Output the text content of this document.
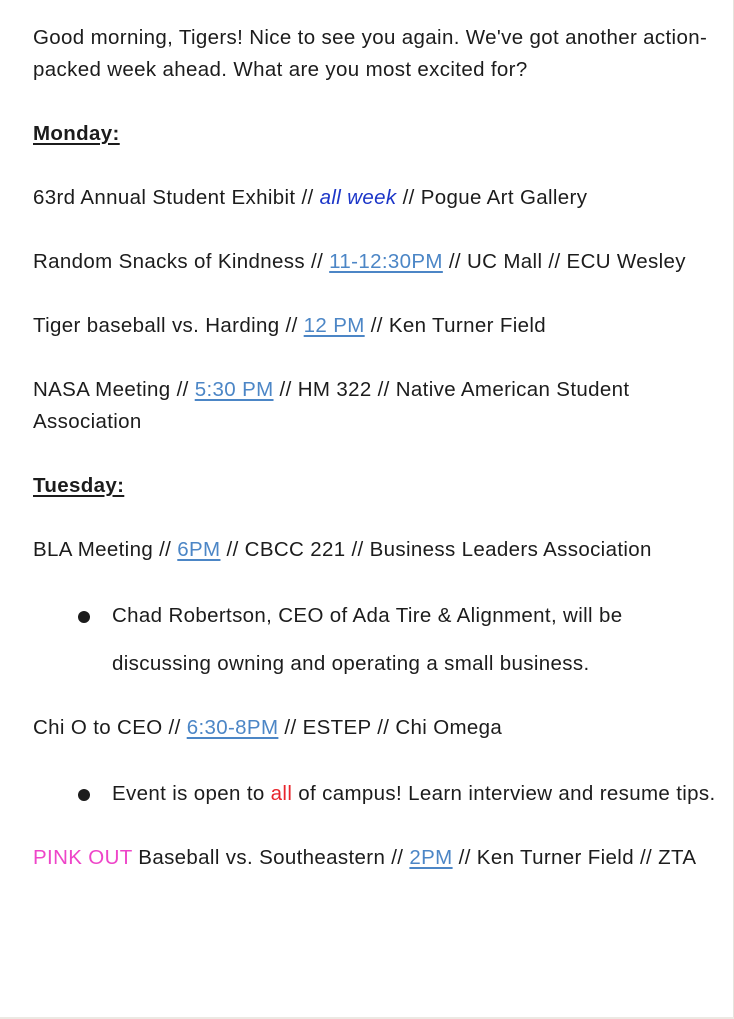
Good morning, Tigers! Nice to see you again. We've got another action-packed week ahead. What are you most excited for?

Monday:

63rd Annual Student Exhibit // all week // Pogue Art Gallery

Random Snacks of Kindness // 11-12:30PM // UC Mall // ECU Wesley

Tiger baseball vs. Harding // 12 PM // Ken Turner Field

NASA Meeting // 5:30 PM // HM 322 // Native American Student Association

Tuesday:

BLA Meeting // 6PM // CBCC 221 // Business Leaders Association

Chad Robertson, CEO of Ada Tire & Alignment, will be discussing owning and operating a small business.

Chi O to CEO // 6:30-8PM // ESTEP // Chi Omega

Event is open to all of campus! Learn interview and resume tips.

PINK OUT Baseball vs. Southeastern // 2PM // Ken Turner Field // ZTA
